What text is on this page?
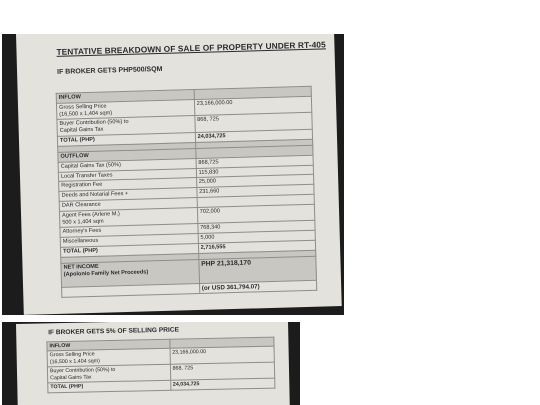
TENTATIVE BREAKDOWN OF SALE OF PROPERTY UNDER RT-405
IF BROKER GETS PHP500/SQM
INFLOW	

Gross Selling Price
(16,500 x 1,404 sqm)	23,166,000.00

Buyer Contribution (50%) to
Capital Gains Tax	868, 725
TOTAL (PHP)	24,034,725

OUTFLOW	
Capital Gains Tax (50%)	868,725
Local Transfer Taxes	115,830
Registration Fee	25,000
Deeds and Notarial Fees +	231,660
DAR Clearance	

Agent Fees (Arlene M.)
500 x 1,404 sqm	702,000
Attorney's Fees	768,340
Miscellaneous	5,000
TOTAL (PHP)	2,716,555

NET INCOME
(Apolonio Family Net Proceeds)	PHP 21,318,170
	(or USD 361,794.07)
IF BROKER GETS 5% OF SELLING PRICE
INFLOW	

Gross Selling Price
(16,500 x 1,404 sqm)	23,166,000.00

Buyer Contribution (50%) to
Capital Gains Tax	868, 725
TOTAL (PHP)	24,034,725
